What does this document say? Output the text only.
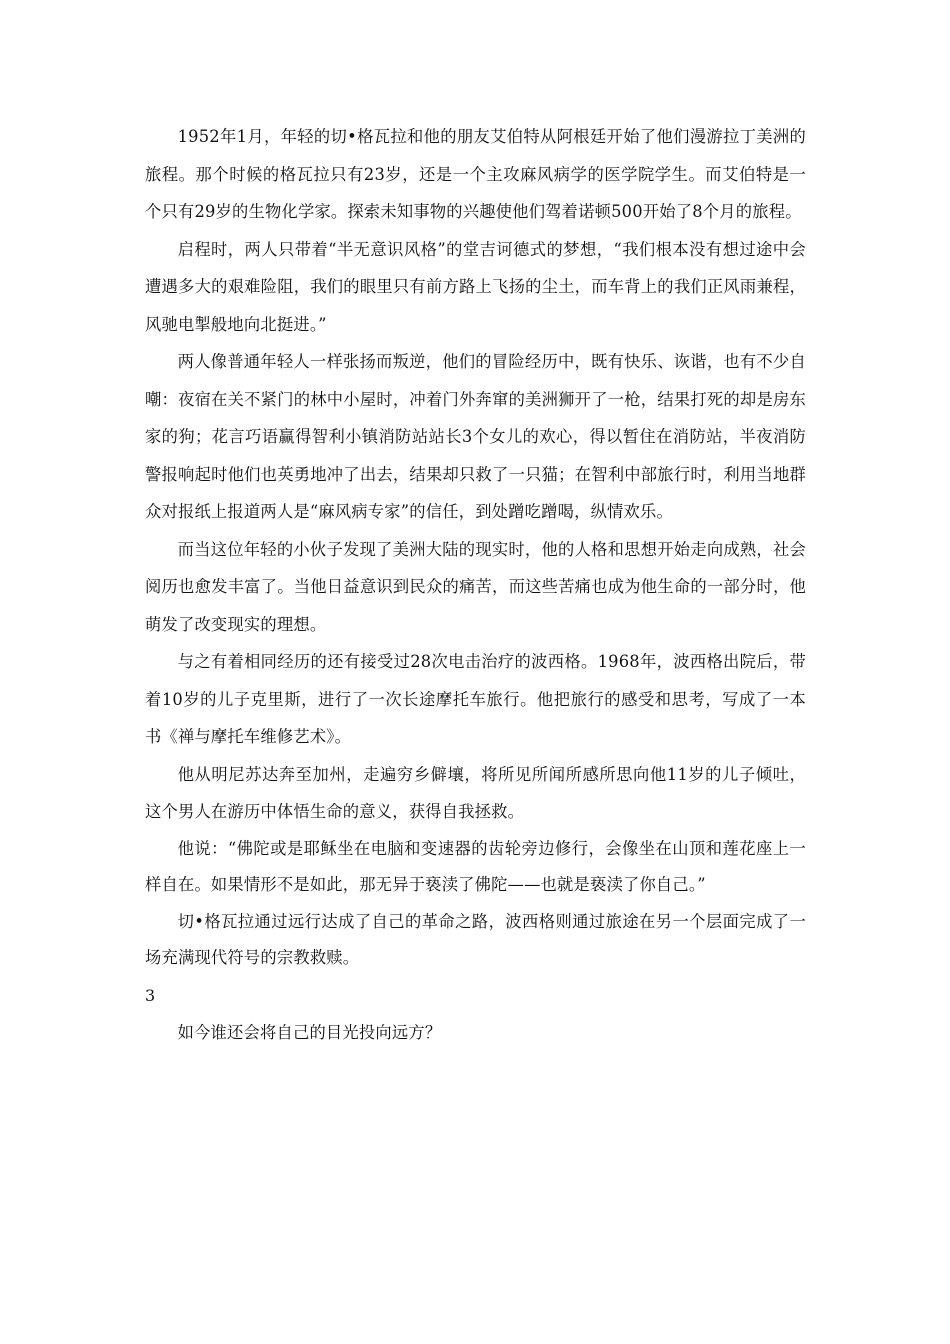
1952年1月，年轻的切•格瓦拉和他的朋友艾伯特从阿根廷开始了他们漫游拉丁美洲的旅程。那个时候的格瓦拉只有23岁，还是一个主攻麻风病学的医学院学生。而艾伯特是一个只有29岁的生物化学家。探索未知事物的兴趣使他们驾着诺顿500开始了8个月的旅程。

启程时，两人只带着“半无意识风格”的堂吉诃德式的梦想，“我们根本没有想过途中会遭遇多大的艰难险阻，我们的眼里只有前方路上飞扬的尘土，而车背上的我们正风雨兼程，风驰电掣般地向北挺进。”

两人像普通年轻人一样张扬而叛逆，他们的冒险经历中，既有快乐、诙谐，也有不少自嘲：夜宿在关不紧门的林中小屋时，冲着门外奔窜的美洲狮开了一枪，结果打死的却是房东家的狗；花言巧语赢得智利小镇消防站站长3个女儿的欢心，得以暂住在消防站，半夜消防警报响起时他们也英勇地冲了出去，结果却只救了一只猫；在智利中部旅行时，利用当地群众对报纸上报道两人是“麻风病专家”的信任，到处蹭吃蹭喝，纵情欢乐。

而当这位年轻的小伙子发现了美洲大陆的现实时，他的人格和思想开始走向成熟，社会阅历也愈发丰富了。当他日益意识到民众的痛苦，而这些苦痛也成为他生命的一部分时，他萌发了改变现实的理想。

与之有着相同经历的还有接受过28次电击治疗的波西格。1968年，波西格出院后，带着10岁的儿子克里斯，进行了一次长途摩托车旅行。他把旅行的感受和思考，写成了一本书《禅与摩托车维修艺术》。

他从明尼苏达奔至加州，走遍穷乡僻壤，将所见所闻所感所思向他11岁的儿子倾吐，这个男人在游历中体悟生命的意义，获得自我拯救。

他说：“佛陀或是耶稣坐在电脑和变速器的齿轮旁边修行，会像坐在山顶和莲花座上一样自在。如果情形不是如此，那无异于亵渎了佛陀——也就是亵渎了你自己。”

切•格瓦拉通过远行达成了自己的革命之路，波西格则通过旅途在另一个层面完成了一场充满现代符号的宗教救赎。

3

如今谁还会将自己的目光投向远方？
